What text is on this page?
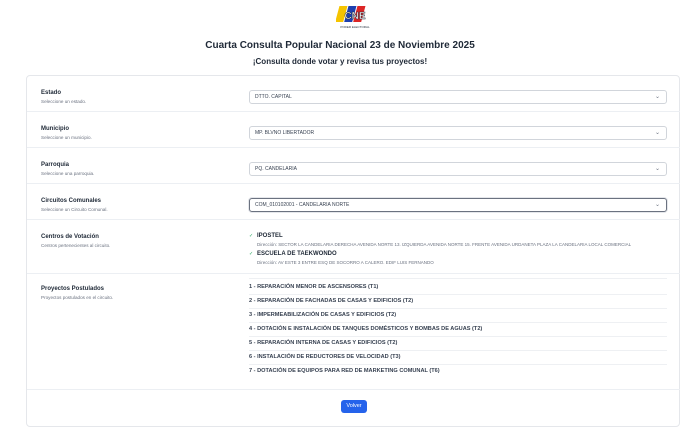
CNE
PODER ELECTORAL
Cuarta Consulta Popular Nacional 23 de Noviembre 2025
¡Consulta donde votar y revisa tus proyectos!
Estado
Seleccione un estado.
DTTO. CAPITAL	⌄
Municipio
Seleccione un municipio.
MP. BLVNO LIBERTADOR	⌄
Parroquia
Seleccione una parroquia.
PQ. CANDELARIA	⌄
Circuitos Comunales
Seleccione un Circuito Comunal.
COM_010102001 - CANDELARIA NORTE	⌄
Centros de Votación
Centros pertenecientes al circuito.
✓ IPOSTEL
Dirección: SECTOR LA CANDELARIA DERECHA AVENIDA NORTE 13. IZQUIERDA AVENIDA NORTE 15. FRENTE AVENIDA URDANETA PLAZA LA CANDELARIA LOCAL COMERCIAL
✓ ESCUELA DE TAEKWONDO
Dirección: AV ESTE 3 ENTRE ESQ DE SOCORRO A CALERO. EDIF LUIS FERNANDO
Proyectos Postulados
Proyectos postulados en el circuito.
1 - REPARACIÓN MENOR DE ASCENSORES (T1)
2 - REPARACIÓN DE FACHADAS DE CASAS Y EDIFICIOS (T2)
3 - IMPERMEABILIZACIÓN DE CASAS Y EDIFICIOS (T2)
4 - DOTACIÓN E INSTALACIÓN DE TANQUES DOMÉSTICOS Y BOMBAS DE AGUAS (T2)
5 - REPARACIÓN INTERNA DE CASAS Y EDIFICIOS (T2)
6 - INSTALACIÓN DE REDUCTORES DE VELOCIDAD (T3)
7 - DOTACIÓN DE EQUIPOS PARA RED DE MARKETING COMUNAL (T6)
Volver
